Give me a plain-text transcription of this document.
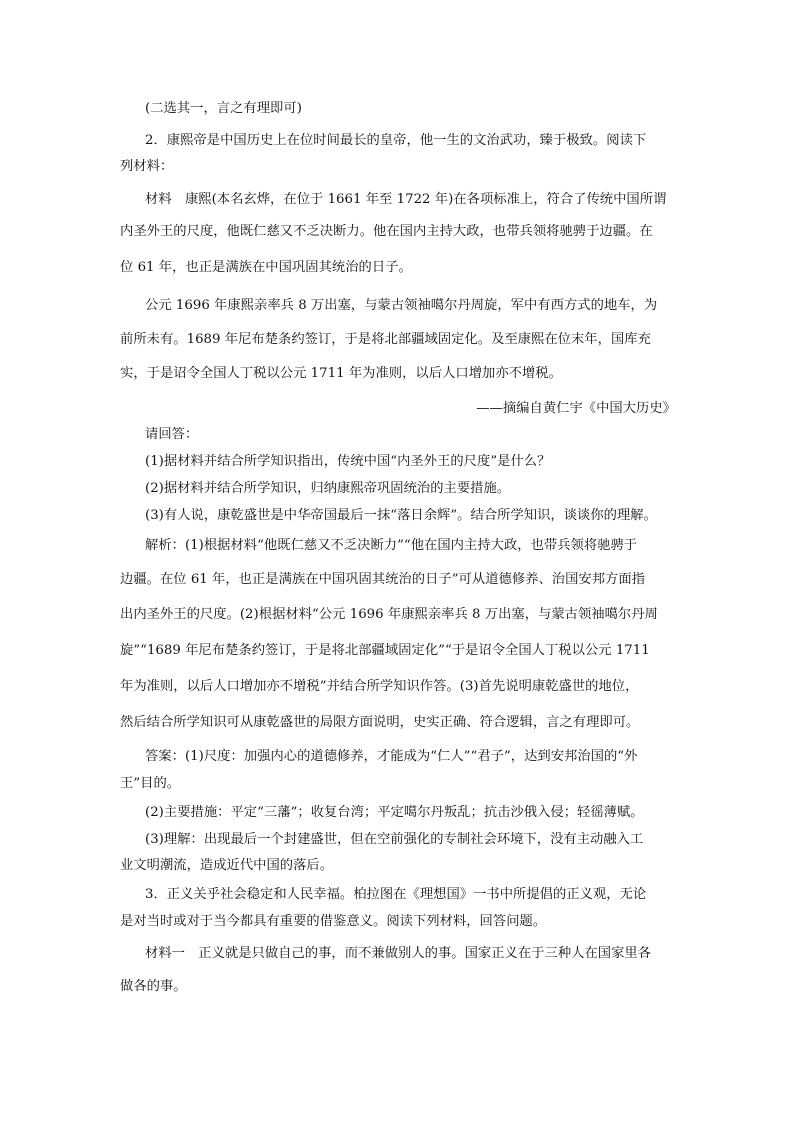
(二选其一，言之有理即可)
2．康熙帝是中国历史上在位时间最长的皇帝，他一生的文治武功，臻于极致。阅读下
列材料：
材料　康熙(本名玄烨，在位于 1661 年至 1722 年)在各项标准上，符合了传统中国所谓
内圣外王的尺度，他既仁慈又不乏决断力。他在国内主持大政，也带兵领将驰骋于边疆。在
位 61 年，也正是满族在中国巩固其统治的日子。
公元 1696 年康熙亲率兵 8 万出塞，与蒙古领袖噶尔丹周旋，军中有西方式的地车，为
前所未有。1689 年尼布楚条约签订，于是将北部疆域固定化。及至康熙在位末年，国库充
实，于是诏令全国人丁税以公元 1711 年为准则，以后人口增加亦不增税。
——摘编自黄仁宇《中国大历史》
请回答：
(1)据材料并结合所学知识指出，传统中国“内圣外王的尺度”是什么？
(2)据材料并结合所学知识，归纳康熙帝巩固统治的主要措施。
(3)有人说，康乾盛世是中华帝国最后一抹“落日余辉”。结合所学知识，谈谈你的理解。
解析：(1)根据材料“他既仁慈又不乏决断力”“他在国内主持大政，也带兵领将驰骋于
边疆。在位 61 年，也正是满族在中国巩固其统治的日子”可从道德修养、治国安邦方面指
出内圣外王的尺度。(2)根据材料“公元 1696 年康熙亲率兵 8 万出塞，与蒙古领袖噶尔丹周
旋”“1689 年尼布楚条约签订，于是将北部疆域固定化”“于是诏令全国人丁税以公元 1711
年为准则，以后人口增加亦不增税”并结合所学知识作答。(3)首先说明康乾盛世的地位，
然后结合所学知识可从康乾盛世的局限方面说明，史实正确、符合逻辑，言之有理即可。
答案：(1)尺度：加强内心的道德修养，才能成为“仁人”“君子”，达到安邦治国的“外
王”目的。
(2)主要措施：平定“三藩”；收复台湾；平定噶尔丹叛乱；抗击沙俄入侵；轻徭薄赋。
(3)理解：出现最后一个封建盛世，但在空前强化的专制社会环境下，没有主动融入工
业文明潮流，造成近代中国的落后。
3．正义关乎社会稳定和人民幸福。柏拉图在《理想国》一书中所提倡的正义观，无论
是对当时或对于当今都具有重要的借鉴意义。阅读下列材料，回答问题。
材料一　正义就是只做自己的事，而不兼做别人的事。国家正义在于三种人在国家里各
做各的事。
